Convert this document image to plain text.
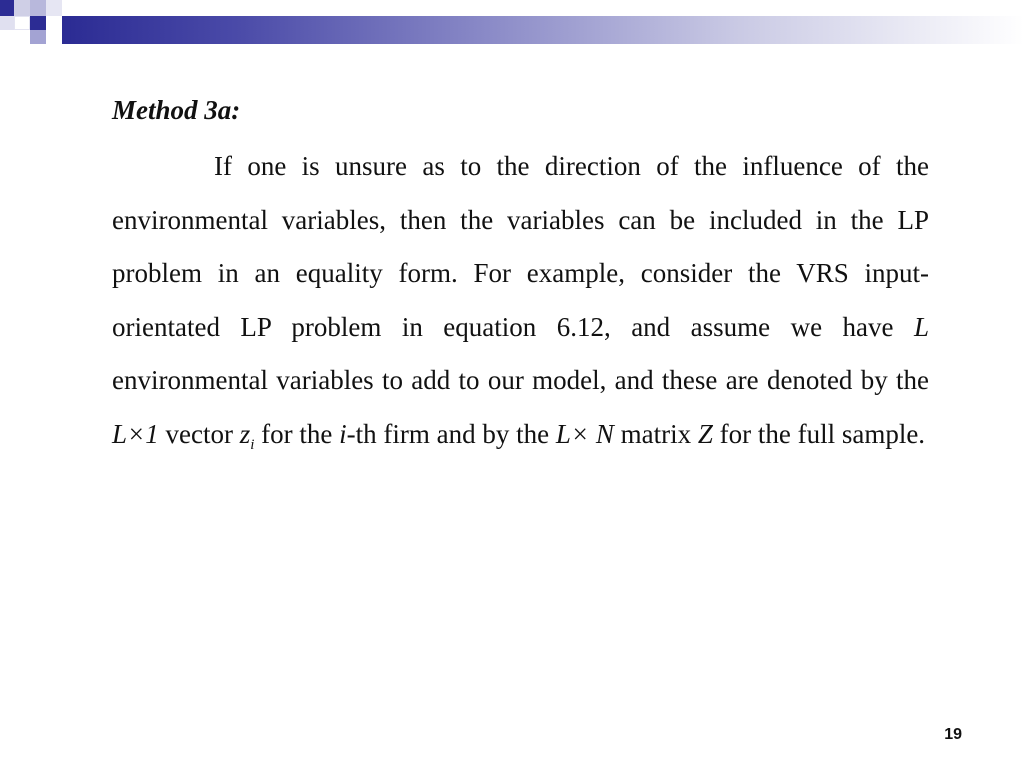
Method 3a:

If one is unsure as to the direction of the influence of the environmental variables, then the variables can be included in the LP problem in an equality form. For example, consider the VRS input-orientated LP problem in equation 6.12, and assume we have L environmental variables to add to our model, and these are denoted by the L×1 vector $z_i$ for the i-th firm and by the L× N matrix Z for the full sample.

19
